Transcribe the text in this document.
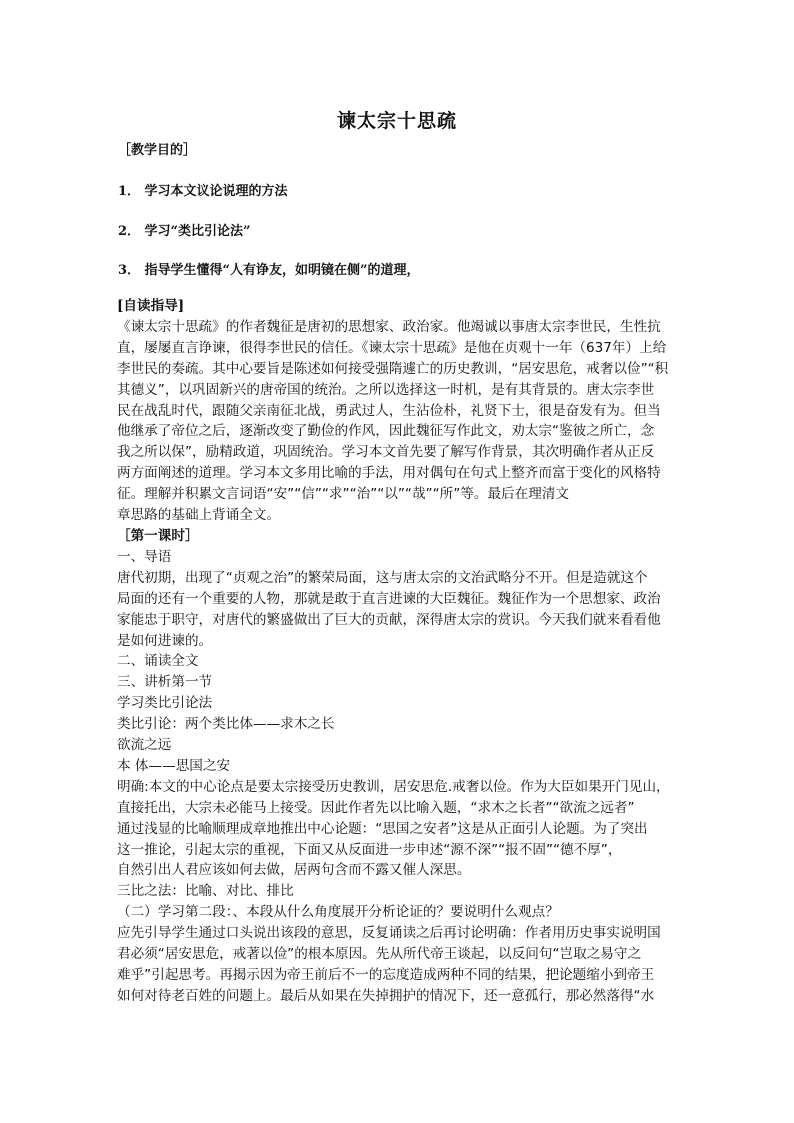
谏太宗十思疏
［教学目的］
1． 学习本文议论说理的方法
2． 学习“类比引论法”
3． 指导学生懂得“人有诤友，如明镜在侧”的道理，
[自读指导]
《谏太宗十思疏》的作者魏征是唐初的思想家、政治家。他竭诚以事唐太宗李世民，生性抗
直，屡屡直言诤谏，很得李世民的信任。《谏太宗十思疏》是他在贞观十一年（637年）上给
李世民的奏疏。其中心要旨是陈述如何接受强隋遽亡的历史教训，“居安思危，戒奢以俭”“积
其德义”，以巩固新兴的唐帝国的统治。之所以选择这一时机，是有其背景的。唐太宗李世
民在战乱时代，跟随父亲南征北战，勇武过人，生沾俭朴，礼贤下士，很是奋发有为。但当
他继承了帝位之后，逐渐改变了勤俭的作风，因此魏征写作此文，劝太宗“鉴彼之所亡，念
我之所以保”，励精政道，巩固统治。学习本文首先要了解写作背景，其次明确作者从正反
两方面阐述的道理。学习本文多用比喻的手法，用对偶句在句式上整齐而富于变化的风格特
征。理解并积累文言词语“安”“信”“求”“治”“以”“哉”“所”等。最后在理清文
章思路的基础上背诵全文。
［第一课时］
一、导语
唐代初期，出现了“贞观之治”的繁荣局面，这与唐太宗的文治武略分不开。但是造就这个
局面的还有一个重要的人物，那就是敢于直言进谏的大臣魏征。魏征作为一个思想家、政治
家能忠于职守，对唐代的繁盛做出了巨大的贡献，深得唐太宗的赏识。今天我们就来看看他
是如何进谏的。
二、诵读全文
三、讲析第一节
学习类比引论法
类比引论：两个类比体——求木之长
欲流之远
本 体——思国之安
明确:本文的中心论点是要太宗接受历史教训，居安思危.戒奢以俭。作为大臣如果开门见山，
直接托出，大宗未必能马上接受。因此作者先以比喻入题，“求木之长者”“欲流之远者”
通过浅显的比喻顺理成章地推出中心论题：“思国之安者”这是从正面引人论题。为了突出
这一推论，引起太宗的重视，下面又从反面进一步申述“源不深”“报不固”“德不厚”，
自然引出人君应该如何去做，居两句含而不露又催人深思。
三比之法：比喻、对比、排比
（二）学习第二段：、本段从什么角度展开分析论证的？要说明什么观点？
应先引导学生通过口头说出该段的意思，反复诵读之后再讨论明确：作者用历史事实说明国
君必须“居安思危，戒著以俭”的根本原因。先从所代帝王谈起，以反问句“岂取之易守之
难乎”引起思考。再揭示因为帝王前后不一的忘度造成两种不同的结果，把论题缩小到帝王
如何对待老百姓的问题上。最后从如果在失掉拥护的情况下，还一意孤行，那必然落得“水
